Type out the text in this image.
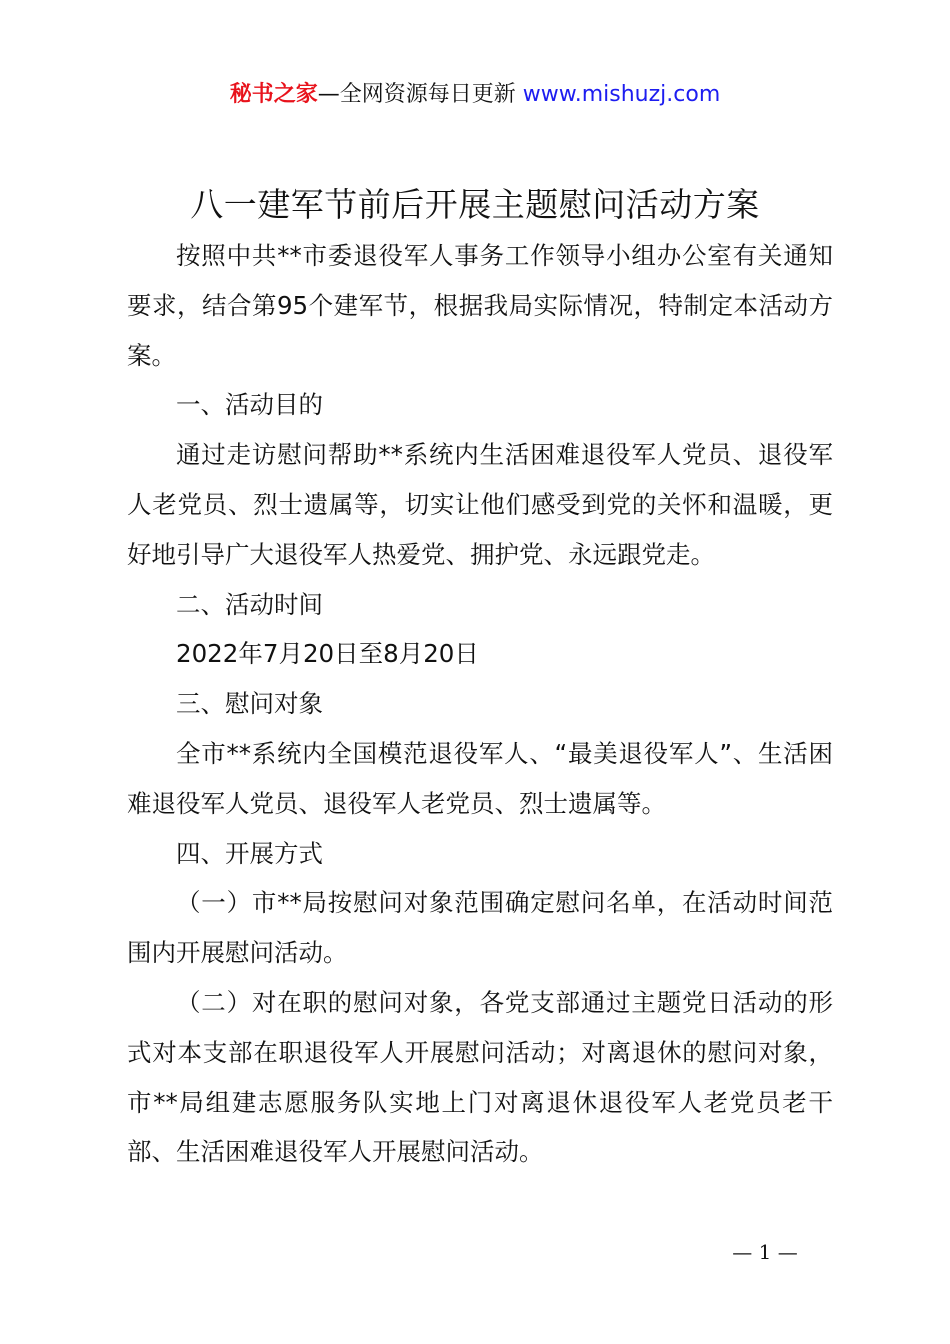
秘书之家—全网资源每日更新 www.mishuzj.com
八一建军节前后开展主题慰问活动方案

按照中共**市委退役军人事务工作领导小组办公室有关通知要求，结合第95个建军节，根据我局实际情况，特制定本活动方案。

一、活动目的

通过走访慰问帮助**系统内生活困难退役军人党员、退役军人老党员、烈士遗属等，切实让他们感受到党的关怀和温暖，更好地引导广大退役军人热爱党、拥护党、永远跟党走。

二、活动时间

2022年7月20日至8月20日

三、慰问对象

全市**系统内全国模范退役军人、“最美退役军人”、生活困难退役军人党员、退役军人老党员、烈士遗属等。

四、开展方式

（一）市**局按慰问对象范围确定慰问名单，在活动时间范围内开展慰问活动。

（二）对在职的慰问对象，各党支部通过主题党日活动的形式对本支部在职退役军人开展慰问活动；对离退休的慰问对象，市**局组建志愿服务队实地上门对离退休退役军人老党员老干部、生活困难退役军人开展慰问活动。

— 1 —
